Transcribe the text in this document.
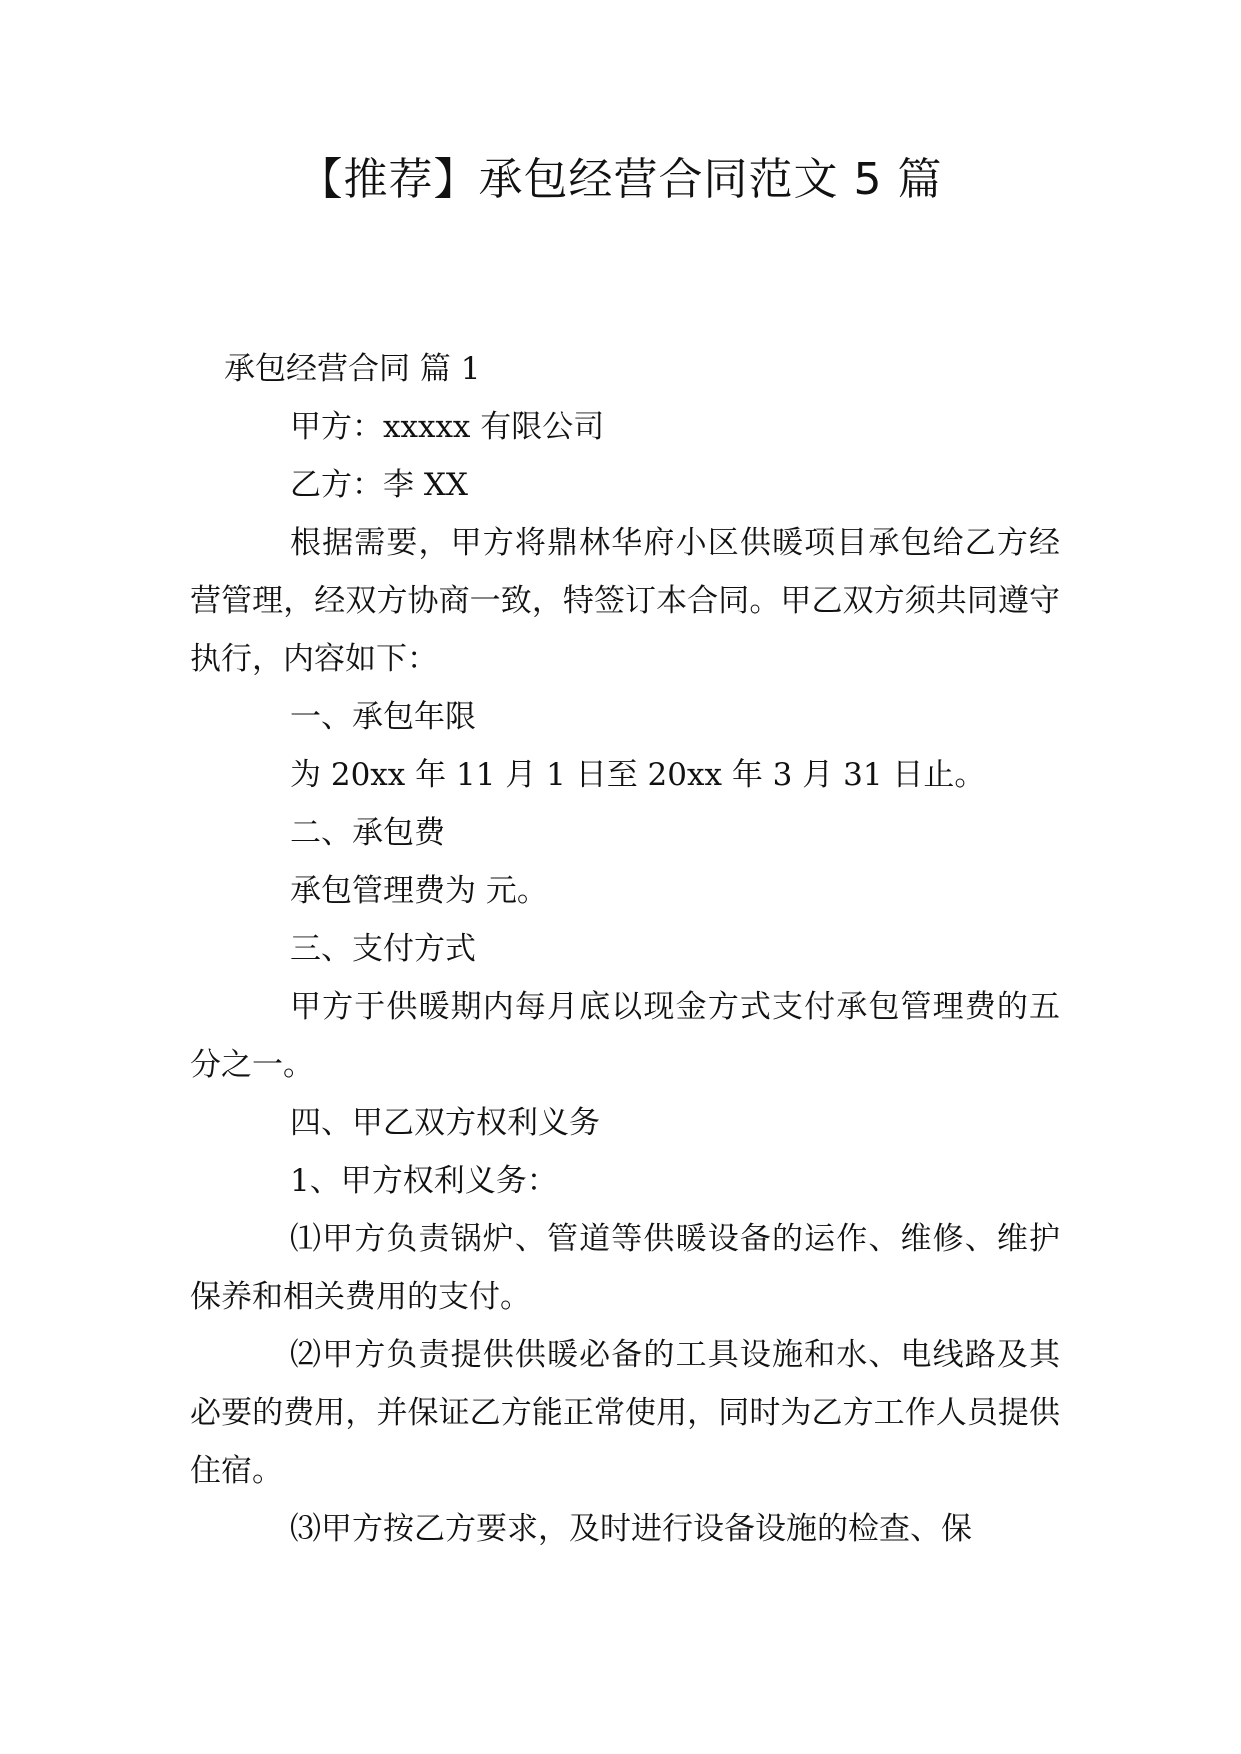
【推荐】承包经营合同范文 5 篇

承包经营合同 篇 1

甲方：xxxxx 有限公司

乙方：李 XX

根据需要，甲方将鼎林华府小区供暖项目承包给乙方经营管理，经双方协商一致，特签订本合同。甲乙双方须共同遵守执行，内容如下：

一、承包年限

为 20xx 年 11 月 1 日至 20xx 年 3 月 31 日止。

二、承包费

承包管理费为 元。

三、支付方式

甲方于供暖期内每月底以现金方式支付承包管理费的五分之一。

四、甲乙双方权利义务

1、甲方权利义务：

⑴甲方负责锅炉、管道等供暖设备的运作、维修、维护保养和相关费用的支付。

⑵甲方负责提供供暖必备的工具设施和水、电线路及其必要的费用，并保证乙方能正常使用，同时为乙方工作人员提供住宿。

⑶甲方按乙方要求，及时进行设备设施的检查、保
